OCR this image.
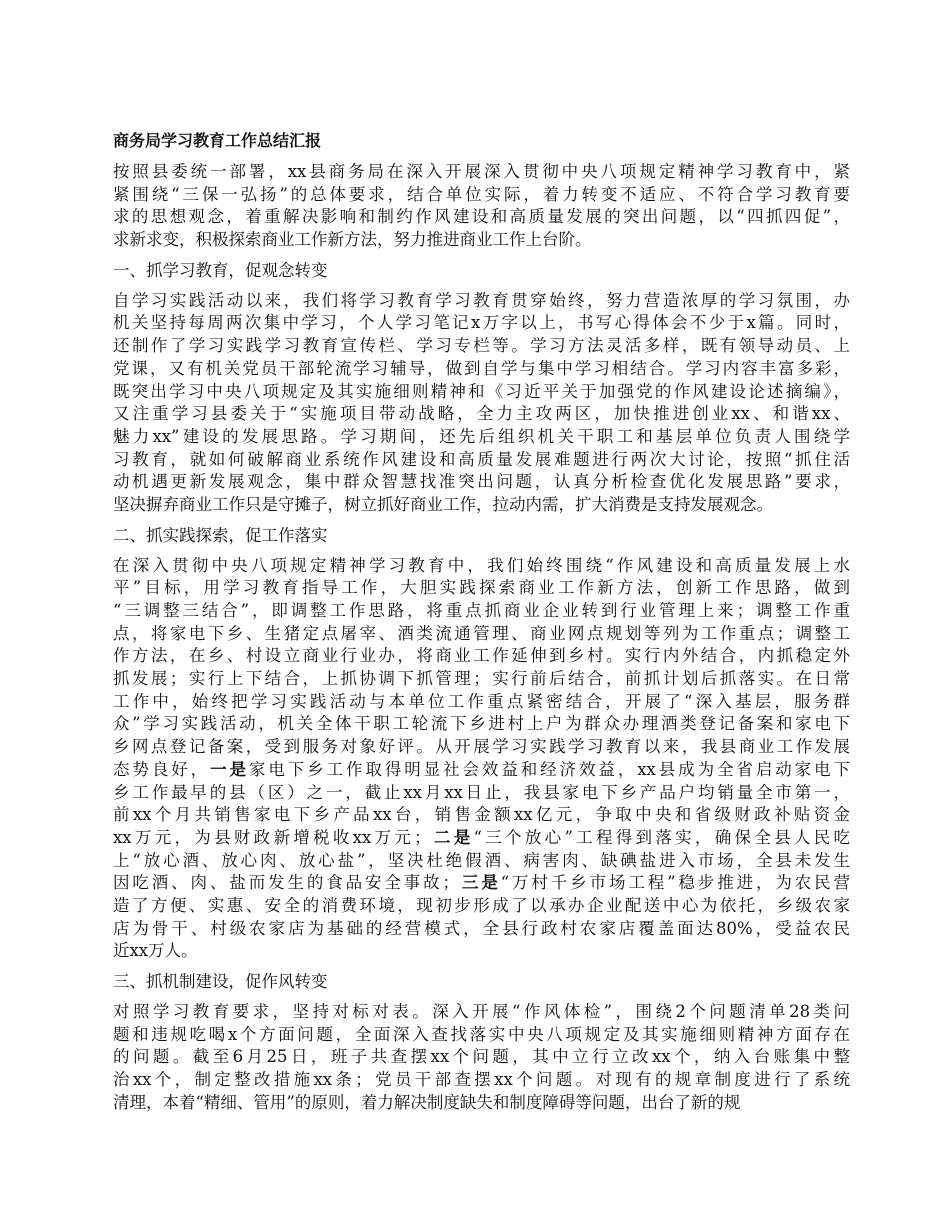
商务局学习教育工作总结汇报
按照县委统一部署，xx县商务局在深入开展深入贯彻中央八项规定精神学习教育中，紧
紧围绕“三保一弘扬”的总体要求，结合单位实际，着力转变不适应、不符合学习教育要
求的思想观念，着重解决影响和制约作风建设和高质量发展的突出问题，以“四抓四促”，
求新求变，积极探索商业工作新方法，努力推进商业工作上台阶。
一、抓学习教育，促观念转变
自学习实践活动以来，我们将学习教育学习教育贯穿始终，努力营造浓厚的学习氛围，办
机关坚持每周两次集中学习，个人学习笔记x万字以上，书写心得体会不少于x篇。同时，
还制作了学习实践学习教育宣传栏、学习专栏等。学习方法灵活多样，既有领导动员、上
党课，又有机关党员干部轮流学习辅导，做到自学与集中学习相结合。学习内容丰富多彩，
既突出学习中央八项规定及其实施细则精神和《习近平关于加强党的作风建设论述摘编》，
又注重学习县委关于“实施项目带动战略，全力主攻两区，加快推进创业xx、和谐xx、
魅力xx”建设的发展思路。学习期间，还先后组织机关干职工和基层单位负责人围绕学
习教育，就如何破解商业系统作风建设和高质量发展难题进行两次大讨论，按照“抓住活
动机遇更新发展观念，集中群众智慧找准突出问题，认真分析检查优化发展思路”要求，
坚决摒弃商业工作只是守摊子，树立抓好商业工作，拉动内需，扩大消费是支持发展观念。
二、抓实践探索，促工作落实
在深入贯彻中央八项规定精神学习教育中，我们始终围绕“作风建设和高质量发展上水
平”目标，用学习教育指导工作，大胆实践探索商业工作新方法，创新工作思路，做到
“三调整三结合”，即调整工作思路，将重点抓商业企业转到行业管理上来；调整工作重
点，将家电下乡、生猪定点屠宰、酒类流通管理、商业网点规划等列为工作重点；调整工
作方法，在乡、村设立商业行业办，将商业工作延伸到乡村。实行内外结合，内抓稳定外
抓发展；实行上下结合，上抓协调下抓管理；实行前后结合，前抓计划后抓落实。在日常
工作中，始终把学习实践活动与本单位工作重点紧密结合，开展了“深入基层，服务群
众”学习实践活动，机关全体干职工轮流下乡进村上户为群众办理酒类登记备案和家电下
乡网点登记备案，受到服务对象好评。从开展学习实践学习教育以来，我县商业工作发展
态势良好，一是家电下乡工作取得明显社会效益和经济效益，xx县成为全省启动家电下
乡工作最早的县（区）之一，截止xx月xx日止，我县家电下乡产品户均销量全市第一，
前xx个月共销售家电下乡产品xx台，销售金额xx亿元，争取中央和省级财政补贴资金
xx万元，为县财政新增税收xx万元；二是“三个放心”工程得到落实，确保全县人民吃
上“放心酒、放心肉、放心盐”，坚决杜绝假酒、病害肉、缺碘盐进入市场，全县未发生
因吃酒、肉、盐而发生的食品安全事故；三是“万村千乡市场工程”稳步推进，为农民营
造了方便、实惠、安全的消费环境，现初步形成了以承办企业配送中心为依托，乡级农家
店为骨干、村级农家店为基础的经营模式，全县行政村农家店覆盖面达80%，受益农民
近xx万人。
三、抓机制建设，促作风转变
对照学习教育要求，坚持对标对表。深入开展“作风体检”，围绕2个问题清单28类问
题和违规吃喝x个方面问题，全面深入查找落实中央八项规定及其实施细则精神方面存在
的问题。截至6月25日，班子共查摆xx个问题，其中立行立改xx个，纳入台账集中整
治xx个，制定整改措施xx条；党员干部查摆xx个问题。对现有的规章制度进行了系统
清理，本着“精细、管用”的原则，着力解决制度缺失和制度障碍等问题，出台了新的规
